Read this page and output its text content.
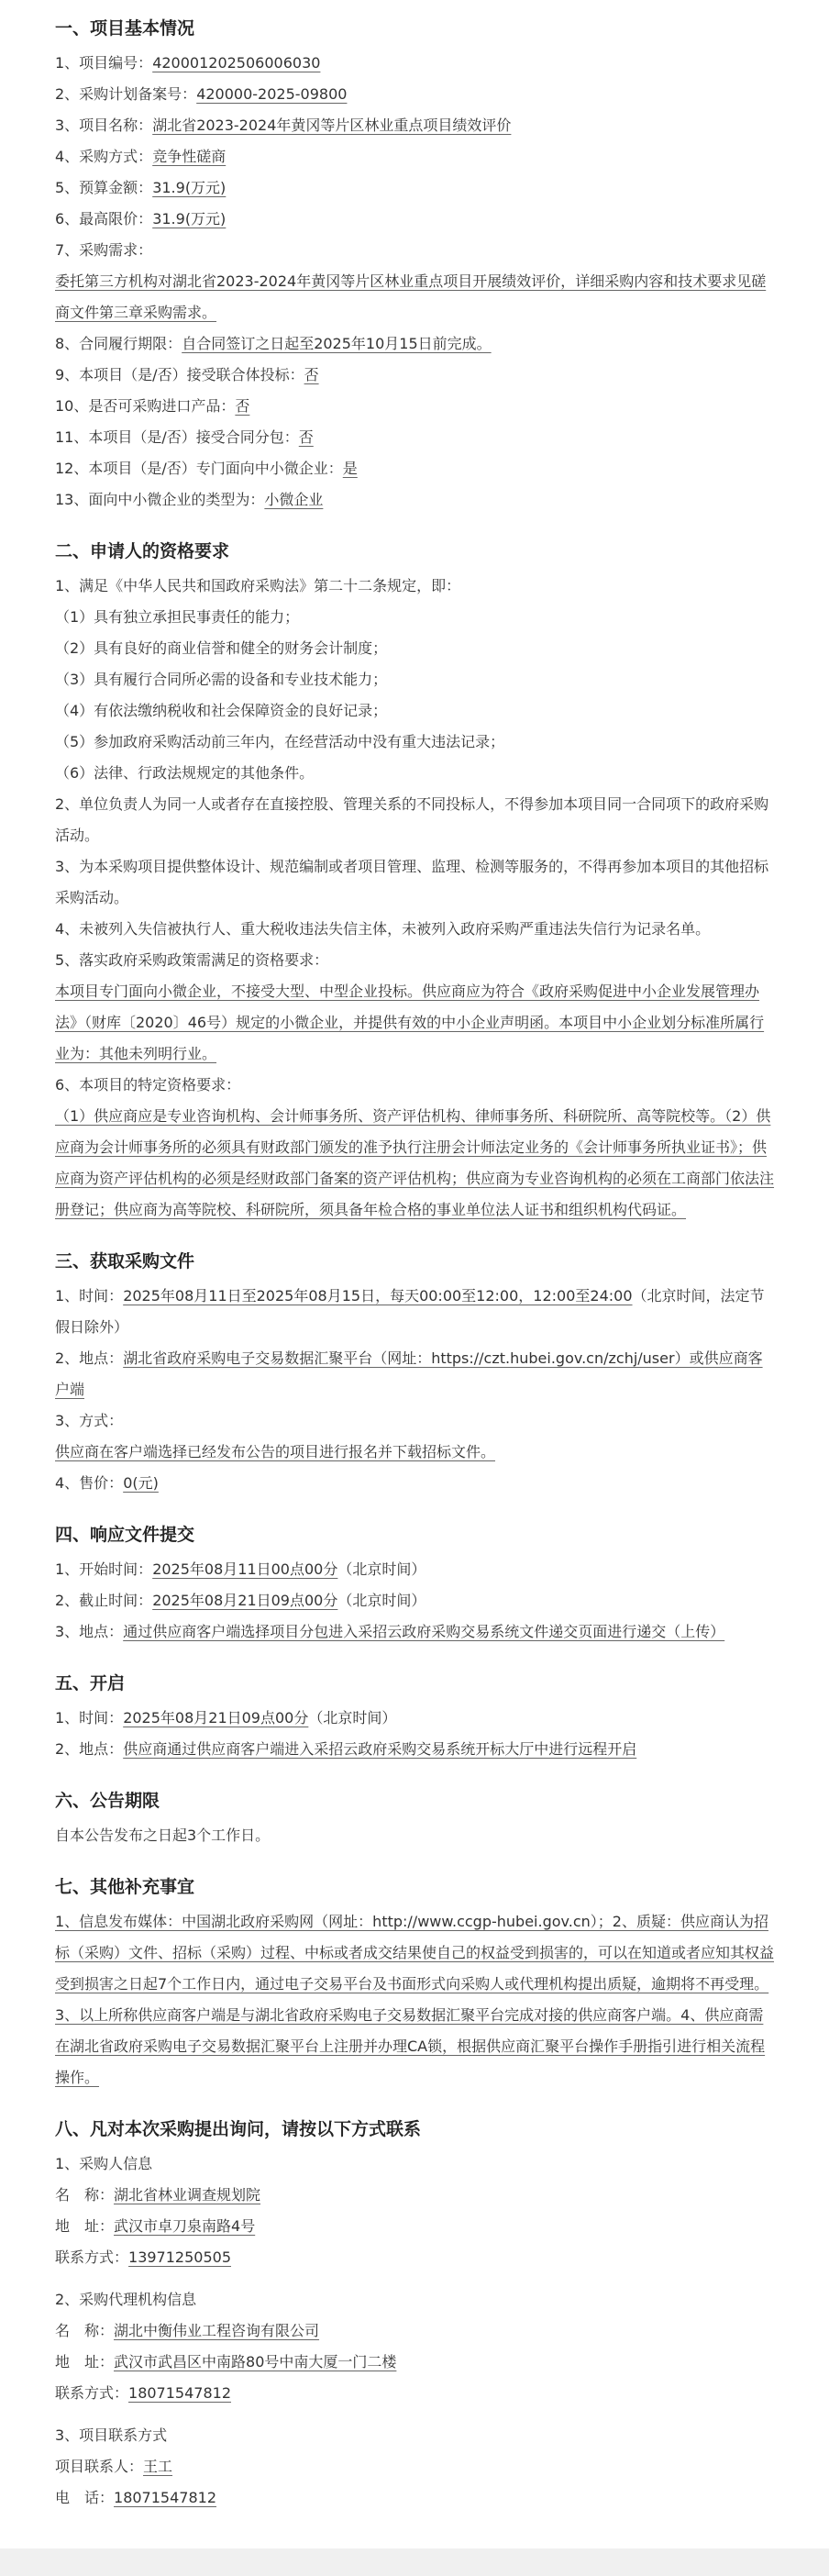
一、项目基本情况
1、项目编号：420001202506006030
2、采购计划备案号：420000-2025-09800
3、项目名称：湖北省2023-2024年黄冈等片区林业重点项目绩效评价
4、采购方式：竞争性磋商
5、预算金额：31.9(万元)
6、最高限价：31.9(万元)
7、采购需求：
委托第三方机构对湖北省2023-2024年黄冈等片区林业重点项目开展绩效评价，详细采购内容和技术要求见磋商文件第三章采购需求。
8、合同履行期限：自合同签订之日起至2025年10月15日前完成。
9、本项目（是/否）接受联合体投标：否
10、是否可采购进口产品：否
11、本项目（是/否）接受合同分包：否
12、本项目（是/否）专门面向中小微企业：是
13、面向中小微企业的类型为：小微企业
二、申请人的资格要求
1、满足《中华人民共和国政府采购法》第二十二条规定，即：
（1）具有独立承担民事责任的能力；
（2）具有良好的商业信誉和健全的财务会计制度；
（3）具有履行合同所必需的设备和专业技术能力；
（4）有依法缴纳税收和社会保障资金的良好记录；
（5）参加政府采购活动前三年内，在经营活动中没有重大违法记录；
（6）法律、行政法规规定的其他条件。
2、单位负责人为同一人或者存在直接控股、管理关系的不同投标人，不得参加本项目同一合同项下的政府采购活动。
3、为本采购项目提供整体设计、规范编制或者项目管理、监理、检测等服务的，不得再参加本项目的其他招标采购活动。
4、未被列入失信被执行人、重大税收违法失信主体，未被列入政府采购严重违法失信行为记录名单。
5、落实政府采购政策需满足的资格要求：
本项目专门面向小微企业，不接受大型、中型企业投标。供应商应为符合《政府采购促进中小企业发展管理办法》（财库〔2020〕46号）规定的小微企业，并提供有效的中小企业声明函。本项目中小企业划分标准所属行业为：其他未列明行业。
6、本项目的特定资格要求：
（1）供应商应是专业咨询机构、会计师事务所、资产评估机构、律师事务所、科研院所、高等院校等。（2）供应商为会计师事务所的必须具有财政部门颁发的准予执行注册会计师法定业务的《会计师事务所执业证书》；供应商为资产评估机构的必须是经财政部门备案的资产评估机构；供应商为专业咨询机构的必须在工商部门依法注册登记；供应商为高等院校、科研院所，须具备年检合格的事业单位法人证书和组织机构代码证。
三、获取采购文件
1、时间：2025年08月11日至2025年08月15日，每天00:00至12:00，12:00至24:00（北京时间，法定节假日除外）
2、地点：湖北省政府采购电子交易数据汇聚平台（网址：https://czt.hubei.gov.cn/zchj/user）或供应商客户端
3、方式：
供应商在客户端选择已经发布公告的项目进行报名并下载招标文件。
4、售价：0(元)
四、响应文件提交
1、开始时间：2025年08月11日00点00分（北京时间）
2、截止时间：2025年08月21日09点00分（北京时间）
3、地点：通过供应商客户端选择项目分包进入采招云政府采购交易系统文件递交页面进行递交（上传）
五、开启
1、时间：2025年08月21日09点00分（北京时间）
2、地点：供应商通过供应商客户端进入采招云政府采购交易系统开标大厅中进行远程开启
六、公告期限
自本公告发布之日起3个工作日。
七、其他补充事宜
1、信息发布媒体：中国湖北政府采购网（网址：http://www.ccgp-hubei.gov.cn）；2、质疑：供应商认为招标（采购）文件、招标（采购）过程、中标或者成交结果使自己的权益受到损害的，可以在知道或者应知其权益受到损害之日起7个工作日内，通过电子交易平台及书面形式向采购人或代理机构提出质疑，逾期将不再受理。3、以上所称供应商客户端是与湖北省政府采购电子交易数据汇聚平台完成对接的供应商客户端。4、供应商需在湖北省政府采购电子交易数据汇聚平台上注册并办理CA锁，根据供应商汇聚平台操作手册指引进行相关流程操作。
八、凡对本次采购提出询问，请按以下方式联系
1、采购人信息
名　称：湖北省林业调查规划院
地　址：武汉市卓刀泉南路4号
联系方式：13971250505
2、采购代理机构信息
名　称：湖北中衡伟业工程咨询有限公司
地　址：武汉市武昌区中南路80号中南大厦一门二楼
联系方式：18071547812
3、项目联系方式
项目联系人：王工
电　话：18071547812
